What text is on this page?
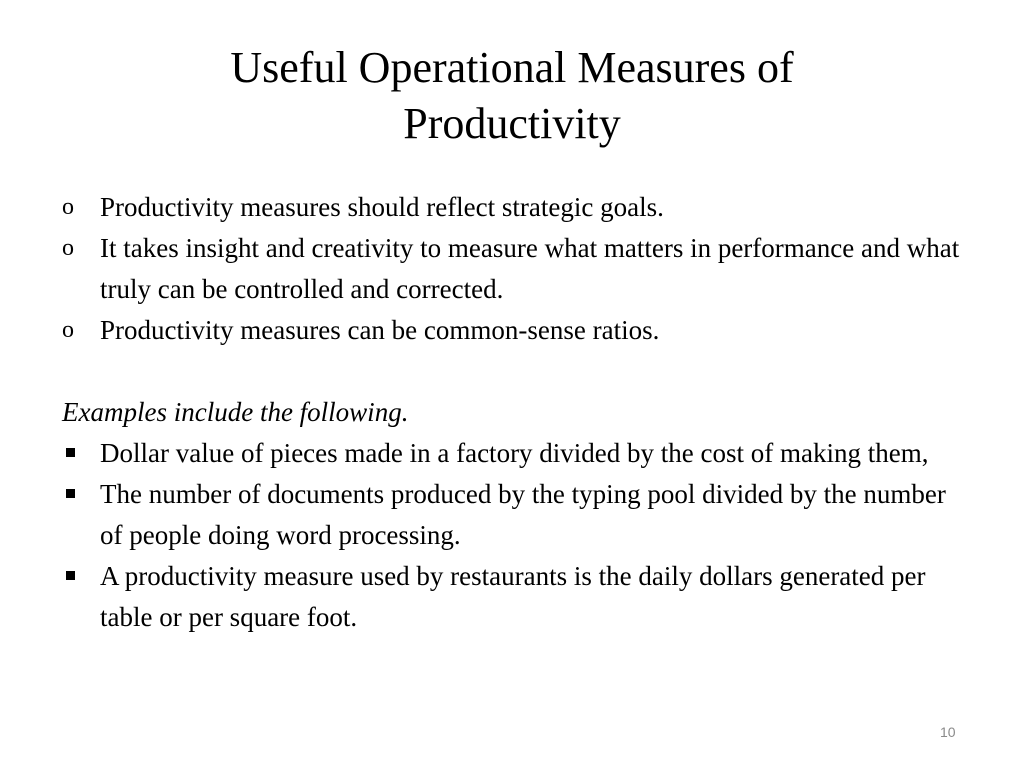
Useful Operational Measures of
Productivity
o Productivity measures should reflect strategic goals.
o It takes insight and creativity to measure what matters in performance and what truly can be controlled and corrected.
o Productivity measures can be common-sense ratios.
Examples include the following.
Dollar value of pieces made in a factory divided by the cost of making them,
The number of documents produced by the typing pool divided by the number of people doing word processing.
A productivity measure used by restaurants is the daily dollars generated per table or per square foot.
10
